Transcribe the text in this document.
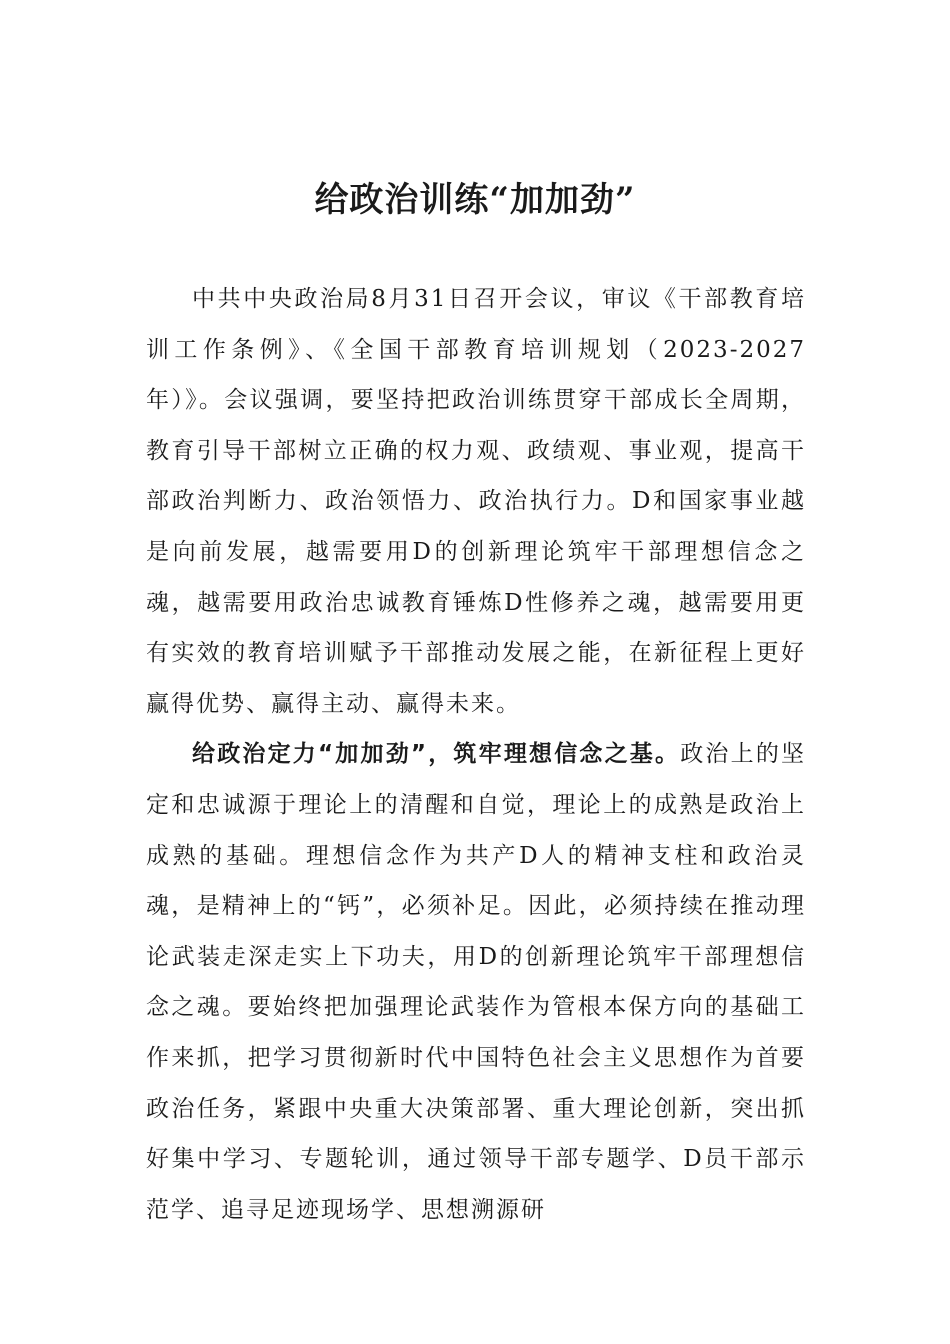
给政治训练“加加劲”

中共中央政治局8月31日召开会议，审议《干部教育培训工作条例》、《全国干部教育培训规划（2023-2027年）》。会议强调，要坚持把政治训练贯穿干部成长全周期，教育引导干部树立正确的权力观、政绩观、事业观，提高干部政治判断力、政治领悟力、政治执行力。D和国家事业越是向前发展，越需要用D的创新理论筑牢干部理想信念之魂，越需要用政治忠诚教育锤炼D性修养之魂，越需要用更有实效的教育培训赋予干部推动发展之能，在新征程上更好赢得优势、赢得主动、赢得未来。

给政治定力“加加劲”，筑牢理想信念之基。政治上的坚定和忠诚源于理论上的清醒和自觉，理论上的成熟是政治上成熟的基础。理想信念作为共产D人的精神支柱和政治灵魂，是精神上的“钙”，必须补足。因此，必须持续在推动理论武装走深走实上下功夫，用D的创新理论筑牢干部理想信念之魂。要始终把加强理论武装作为管根本保方向的基础工作来抓，把学习贯彻新时代中国特色社会主义思想作为首要政治任务，紧跟中央重大决策部署、重大理论创新，突出抓好集中学习、专题轮训，通过领导干部专题学、D员干部示范学、追寻足迹现场学、思想溯源研
